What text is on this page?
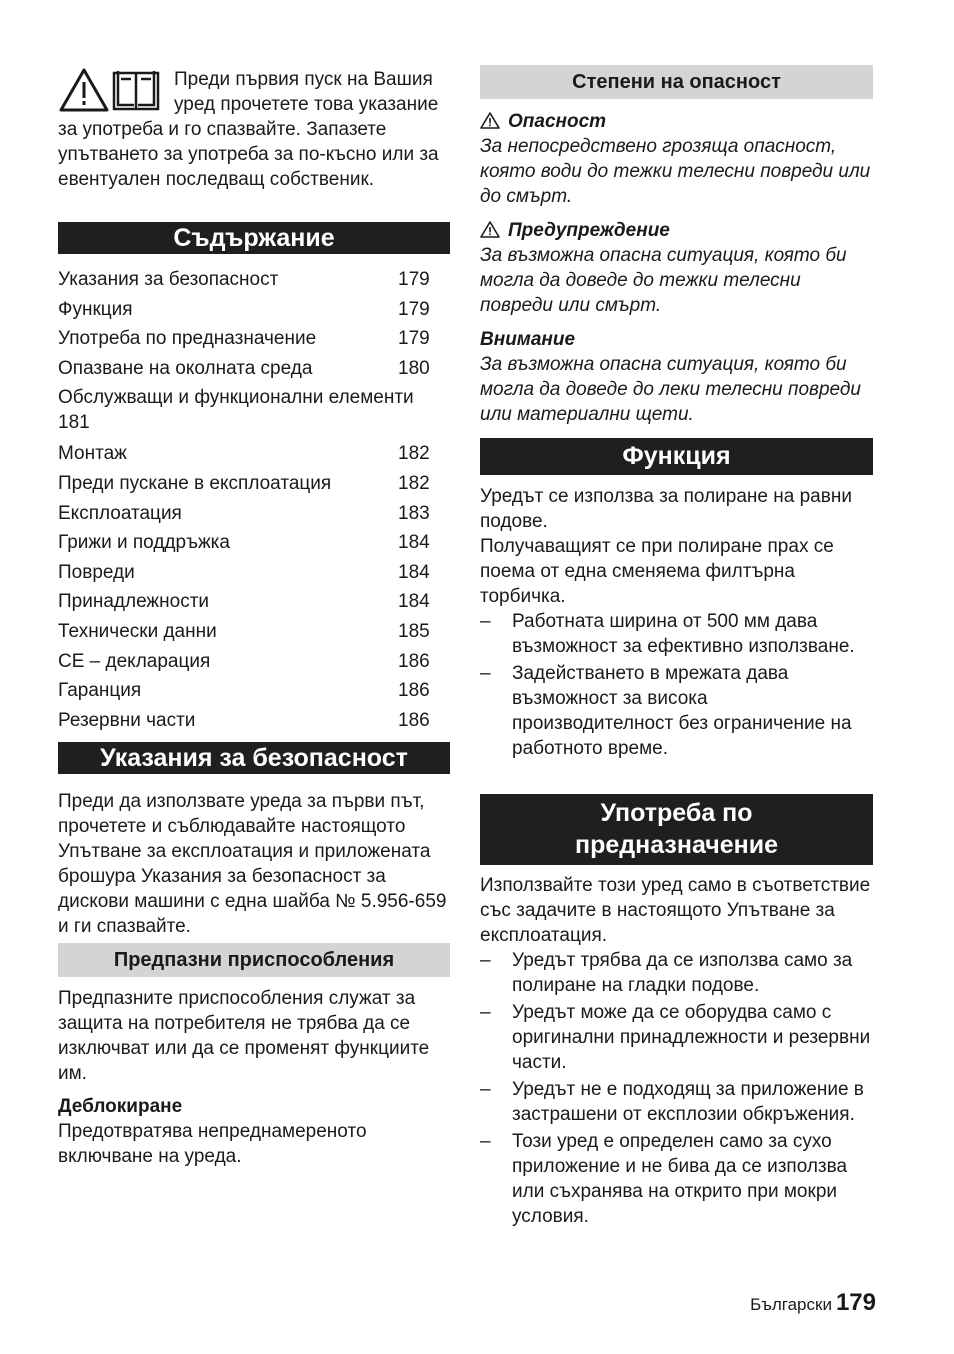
Преди първия пуск на Вашия уред прочетете това указание за употреба и го спазвайте. Запазете упътването за употреба за по-късно или за евентуален последващ собственик.

Съдържание
Указания за безопасност	179
Функция	179
Употреба по предназначение	179
Опазване на околната среда	180
Обслужващи и функционални елементи 181
Монтаж	182
Преди пускане в експлоатация	182
Експлоатация	183
Грижи и поддръжка	184
Повреди	184
Принадлежности	184
Технически данни	185
CE – декларация	186
Гаранция	186
Резервни части	186
Указания за безопасност

Преди да използвате уреда за първи път, прочетете и съблюдавайте настоящото Упътване за експлоатация и приложената брошура Указания за безопасност за дискови машини с една шайба № 5.956-659 и ги спазвайте.

Предпазни приспособления

Предпазните приспособления служат за защита на потребителя не трябва да се изключват или да се променят функциите им.

Деблокиране

Предотвратява непреднамереното включване на уреда.

Степени на опасност

Опасност

За непосредствено грозяща опасност, която води до тежки телесни повреди или до смърт.

Предупреждение

За възможна опасна ситуация, която би могла да доведе до тежки телесни повреди или смърт.

Внимание

За възможна опасна ситуация, която би могла да доведе до леки телесни повреди или материални щети.

Функция

Уредът се използва за полиране на равни подове.

Получаващият се при полиране прах се поема от една сменяема филтърна торбичка.

– Работната ширина от 500 мм дава възможност за ефективно използване.
– Задействането в мрежата дава възможност за висока производителност без ограничение на работното време.
Употреба по
предназначение

Използвайте този уред само в съответствие със задачите в настоящото Упътване за експлоатация.

– Уредът трябва да се използва само за полиране на гладки подове.
– Уредът може да се оборудва само с оригинални принадлежности и резервни части.
– Уредът не е подходящ за приложение в застрашени от експлозии обкръжения.
– Този уред е определен само за сухо приложение и не бива да се използва или съхранява на открито при мокри условия.
Български 179
